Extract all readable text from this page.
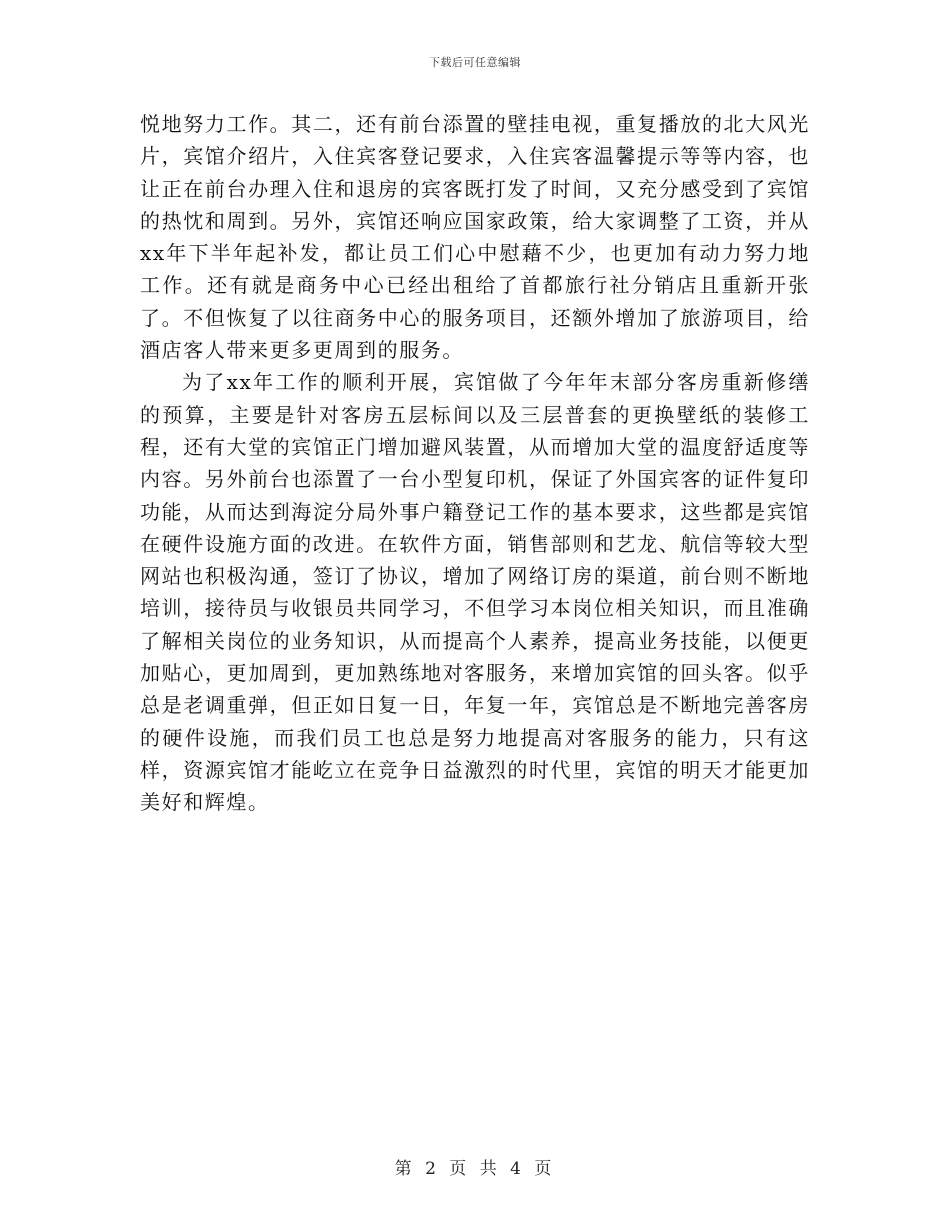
下载后可任意编辑

悦地努力工作。其二，还有前台添置的壁挂电视，重复播放的北大风光片，宾馆介绍片，入住宾客登记要求，入住宾客温馨提示等等内容，也让正在前台办理入住和退房的宾客既打发了时间，又充分感受到了宾馆的热忱和周到。另外，宾馆还响应国家政策，给大家调整了工资，并从xx年下半年起补发，都让员工们心中慰藉不少，也更加有动力努力地工作。还有就是商务中心已经出租给了首都旅行社分销店且重新开张了。不但恢复了以往商务中心的服务项目，还额外增加了旅游项目，给酒店客人带来更多更周到的服务。

为了xx年工作的顺利开展，宾馆做了今年年末部分客房重新修缮的预算，主要是针对客房五层标间以及三层普套的更换壁纸的装修工程，还有大堂的宾馆正门增加避风装置，从而增加大堂的温度舒适度等内容。另外前台也添置了一台小型复印机，保证了外国宾客的证件复印功能，从而达到海淀分局外事户籍登记工作的基本要求，这些都是宾馆在硬件设施方面的改进。在软件方面，销售部则和艺龙、航信等较大型网站也积极沟通，签订了协议，增加了网络订房的渠道，前台则不断地培训，接待员与收银员共同学习，不但学习本岗位相关知识，而且准确了解相关岗位的业务知识，从而提高个人素养，提高业务技能，以便更加贴心，更加周到，更加熟练地对客服务，来增加宾馆的回头客。似乎总是老调重弹，但正如日复一日，年复一年，宾馆总是不断地完善客房的硬件设施，而我们员工也总是努力地提高对客服务的能力，只有这样，资源宾馆才能屹立在竞争日益激烈的时代里，宾馆的明天才能更加美好和辉煌。

第 2 页 共 4 页
